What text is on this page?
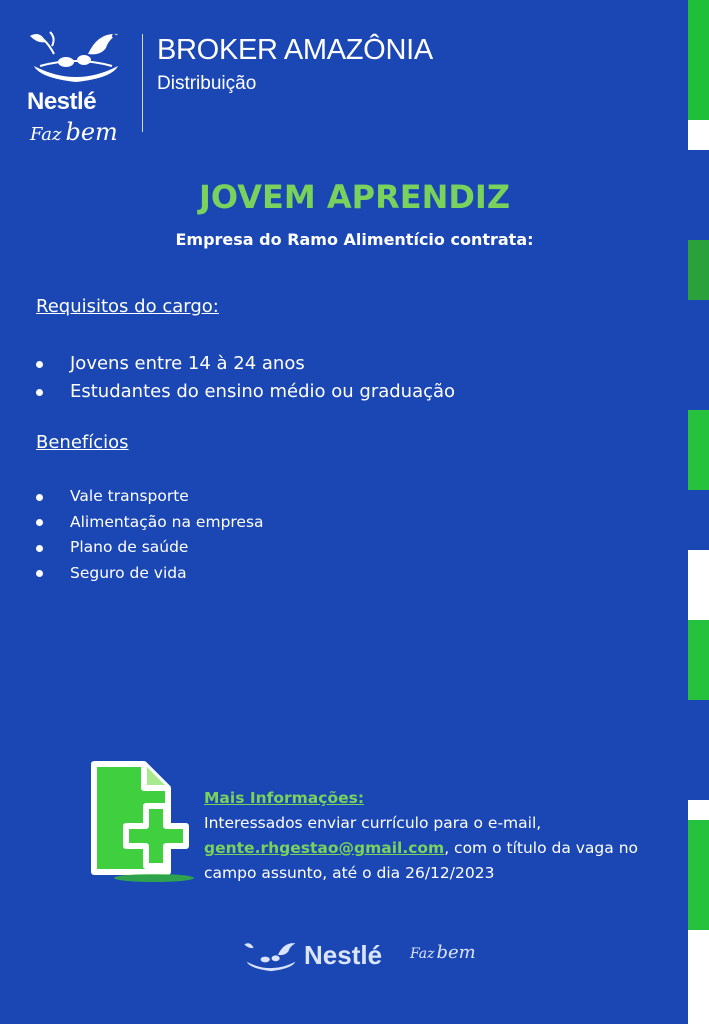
Nestlé
Faz bem
BROKER AMAZÔNIA
Distribuição
JOVEM APRENDIZ
Empresa do Ramo Alimentício contrata:
Requisitos do cargo:
Jovens entre 14 à 24 anos
Estudantes do ensino médio ou graduação
Benefícios
Vale transporte
Alimentação na empresa
Plano de saúde
Seguro de vida
Mais Informações:
Interessados enviar currículo para o e-mail,
gente.rhgestao@gmail.com, com o título da vaga no
campo assunto, até o dia 26/12/2023
Nestlé Faz bem
